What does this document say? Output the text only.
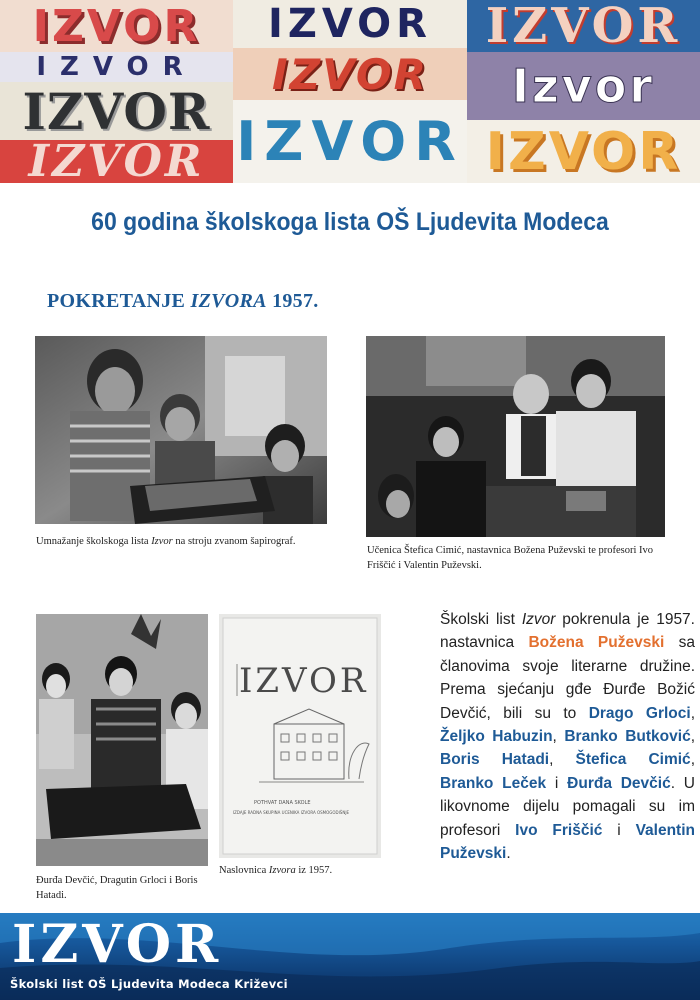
IZVOR
IZVOR
IZVOR
IZVOR
IZVOR
IZVOR
IZVOR
IZVOR
Izvor
IZVOR
60 godina školskoga lista OŠ Ljudevita Modeca
POKRETANJE IZVORA 1957.
Umnažanje školskoga lista Izvor na stroju zvanom šapirograf.
Učenica Štefica Cimić, nastavnica Božena Puževski te profesori Ivo Friščić i Valentin Puževski.
Đurđa Devčić, Dragutin Grloci i Boris Hatadi.
IZVOR
POTHVAT DANA SKOLE
IZDAJE RADNA SKUPINA UCENIKA IZVORA OSMOGODIŠNJE
Naslovnica Izvora iz 1957.

Školski list Izvor pokrenula je 1957. nastavnica Božena Puževski sa članovima svoje literarne družine. Prema sjećanju gđe Đurđe Božić Devčić, bili su to Drago Grloci, Željko Habuzin, Branko Butković, Boris Hatadi, Štefica Cimić, Branko Leček i Đurđa Devčić. U likovnome dijelu pomagali su im profesori Ivo Friščić i Valentin Puževski.

IZVOR
Školski list OŠ Ljudevita Modeca Križevci
